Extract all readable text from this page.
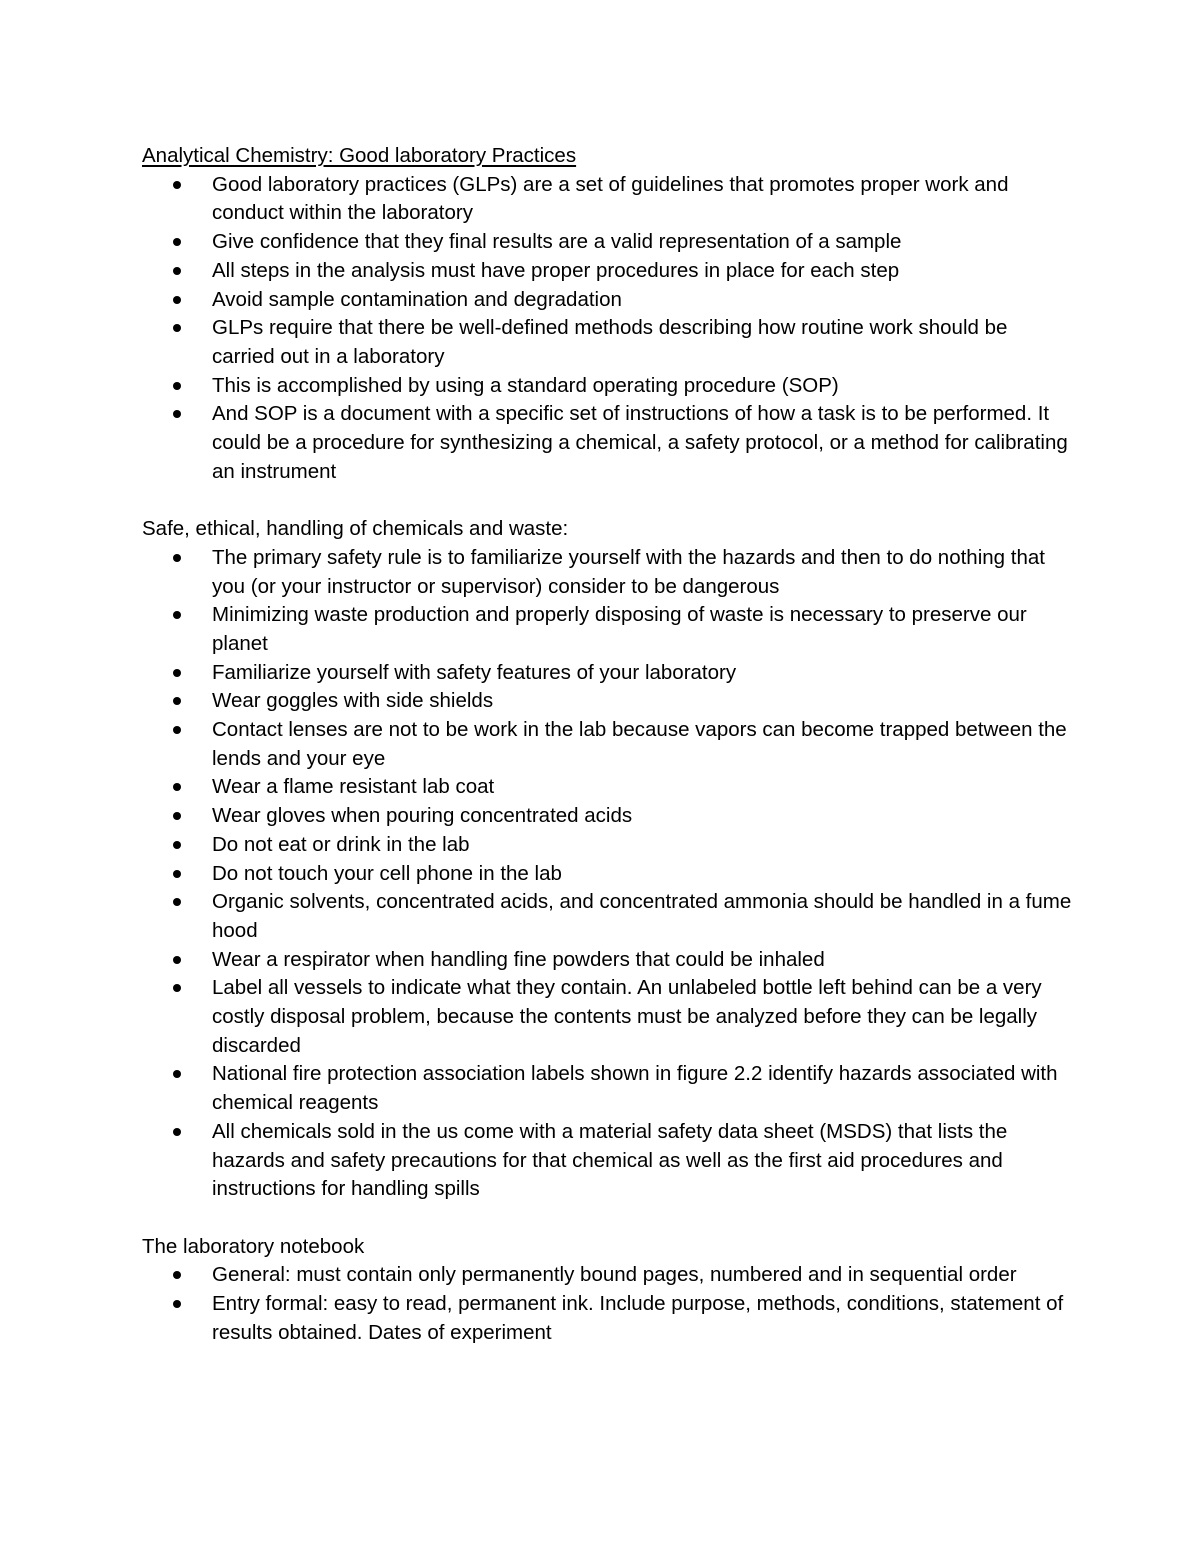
Analytical Chemistry: Good laboratory Practices

Good laboratory practices (GLPs) are a set of guidelines that promotes proper work and conduct within the laboratory
Give confidence that they final results are a valid representation of a sample
All steps in the analysis must have proper procedures in place for each step
Avoid sample contamination and degradation
GLPs require that there be well-defined methods describing how routine work should be carried out in a laboratory
This is accomplished by using a standard operating procedure (SOP)
And SOP is a document with a specific set of instructions of how a task is to be performed. It could be a procedure for synthesizing a chemical, a safety protocol, or a method for calibrating an instrument

Safe, ethical, handling of chemicals and waste:

The primary safety rule is to familiarize yourself with the hazards and then to do nothing that you (or your instructor or supervisor) consider to be dangerous
Minimizing waste production and properly disposing of waste is necessary to preserve our planet
Familiarize yourself with safety features of your laboratory
Wear goggles with side shields
Contact lenses are not to be work in the lab because vapors can become trapped between the lends and your eye
Wear a flame resistant lab coat
Wear gloves when pouring concentrated acids
Do not eat or drink in the lab
Do not touch your cell phone in the lab
Organic solvents, concentrated acids, and concentrated ammonia should be handled in a fume hood
Wear a respirator when handling fine powders that could be inhaled
Label all vessels to indicate what they contain. An unlabeled bottle left behind can be a very costly disposal problem, because the contents must be analyzed before they can be legally discarded
National fire protection association labels shown in figure 2.2 identify hazards associated with chemical reagents
All chemicals sold in the us come with a material safety data sheet (MSDS) that lists the hazards and safety precautions for that chemical as well as the first aid procedures and instructions for handling spills

The laboratory notebook

General: must contain only permanently bound pages, numbered and in sequential order
Entry formal: easy to read, permanent ink. Include purpose, methods, conditions, statement of results obtained. Dates of experiment
